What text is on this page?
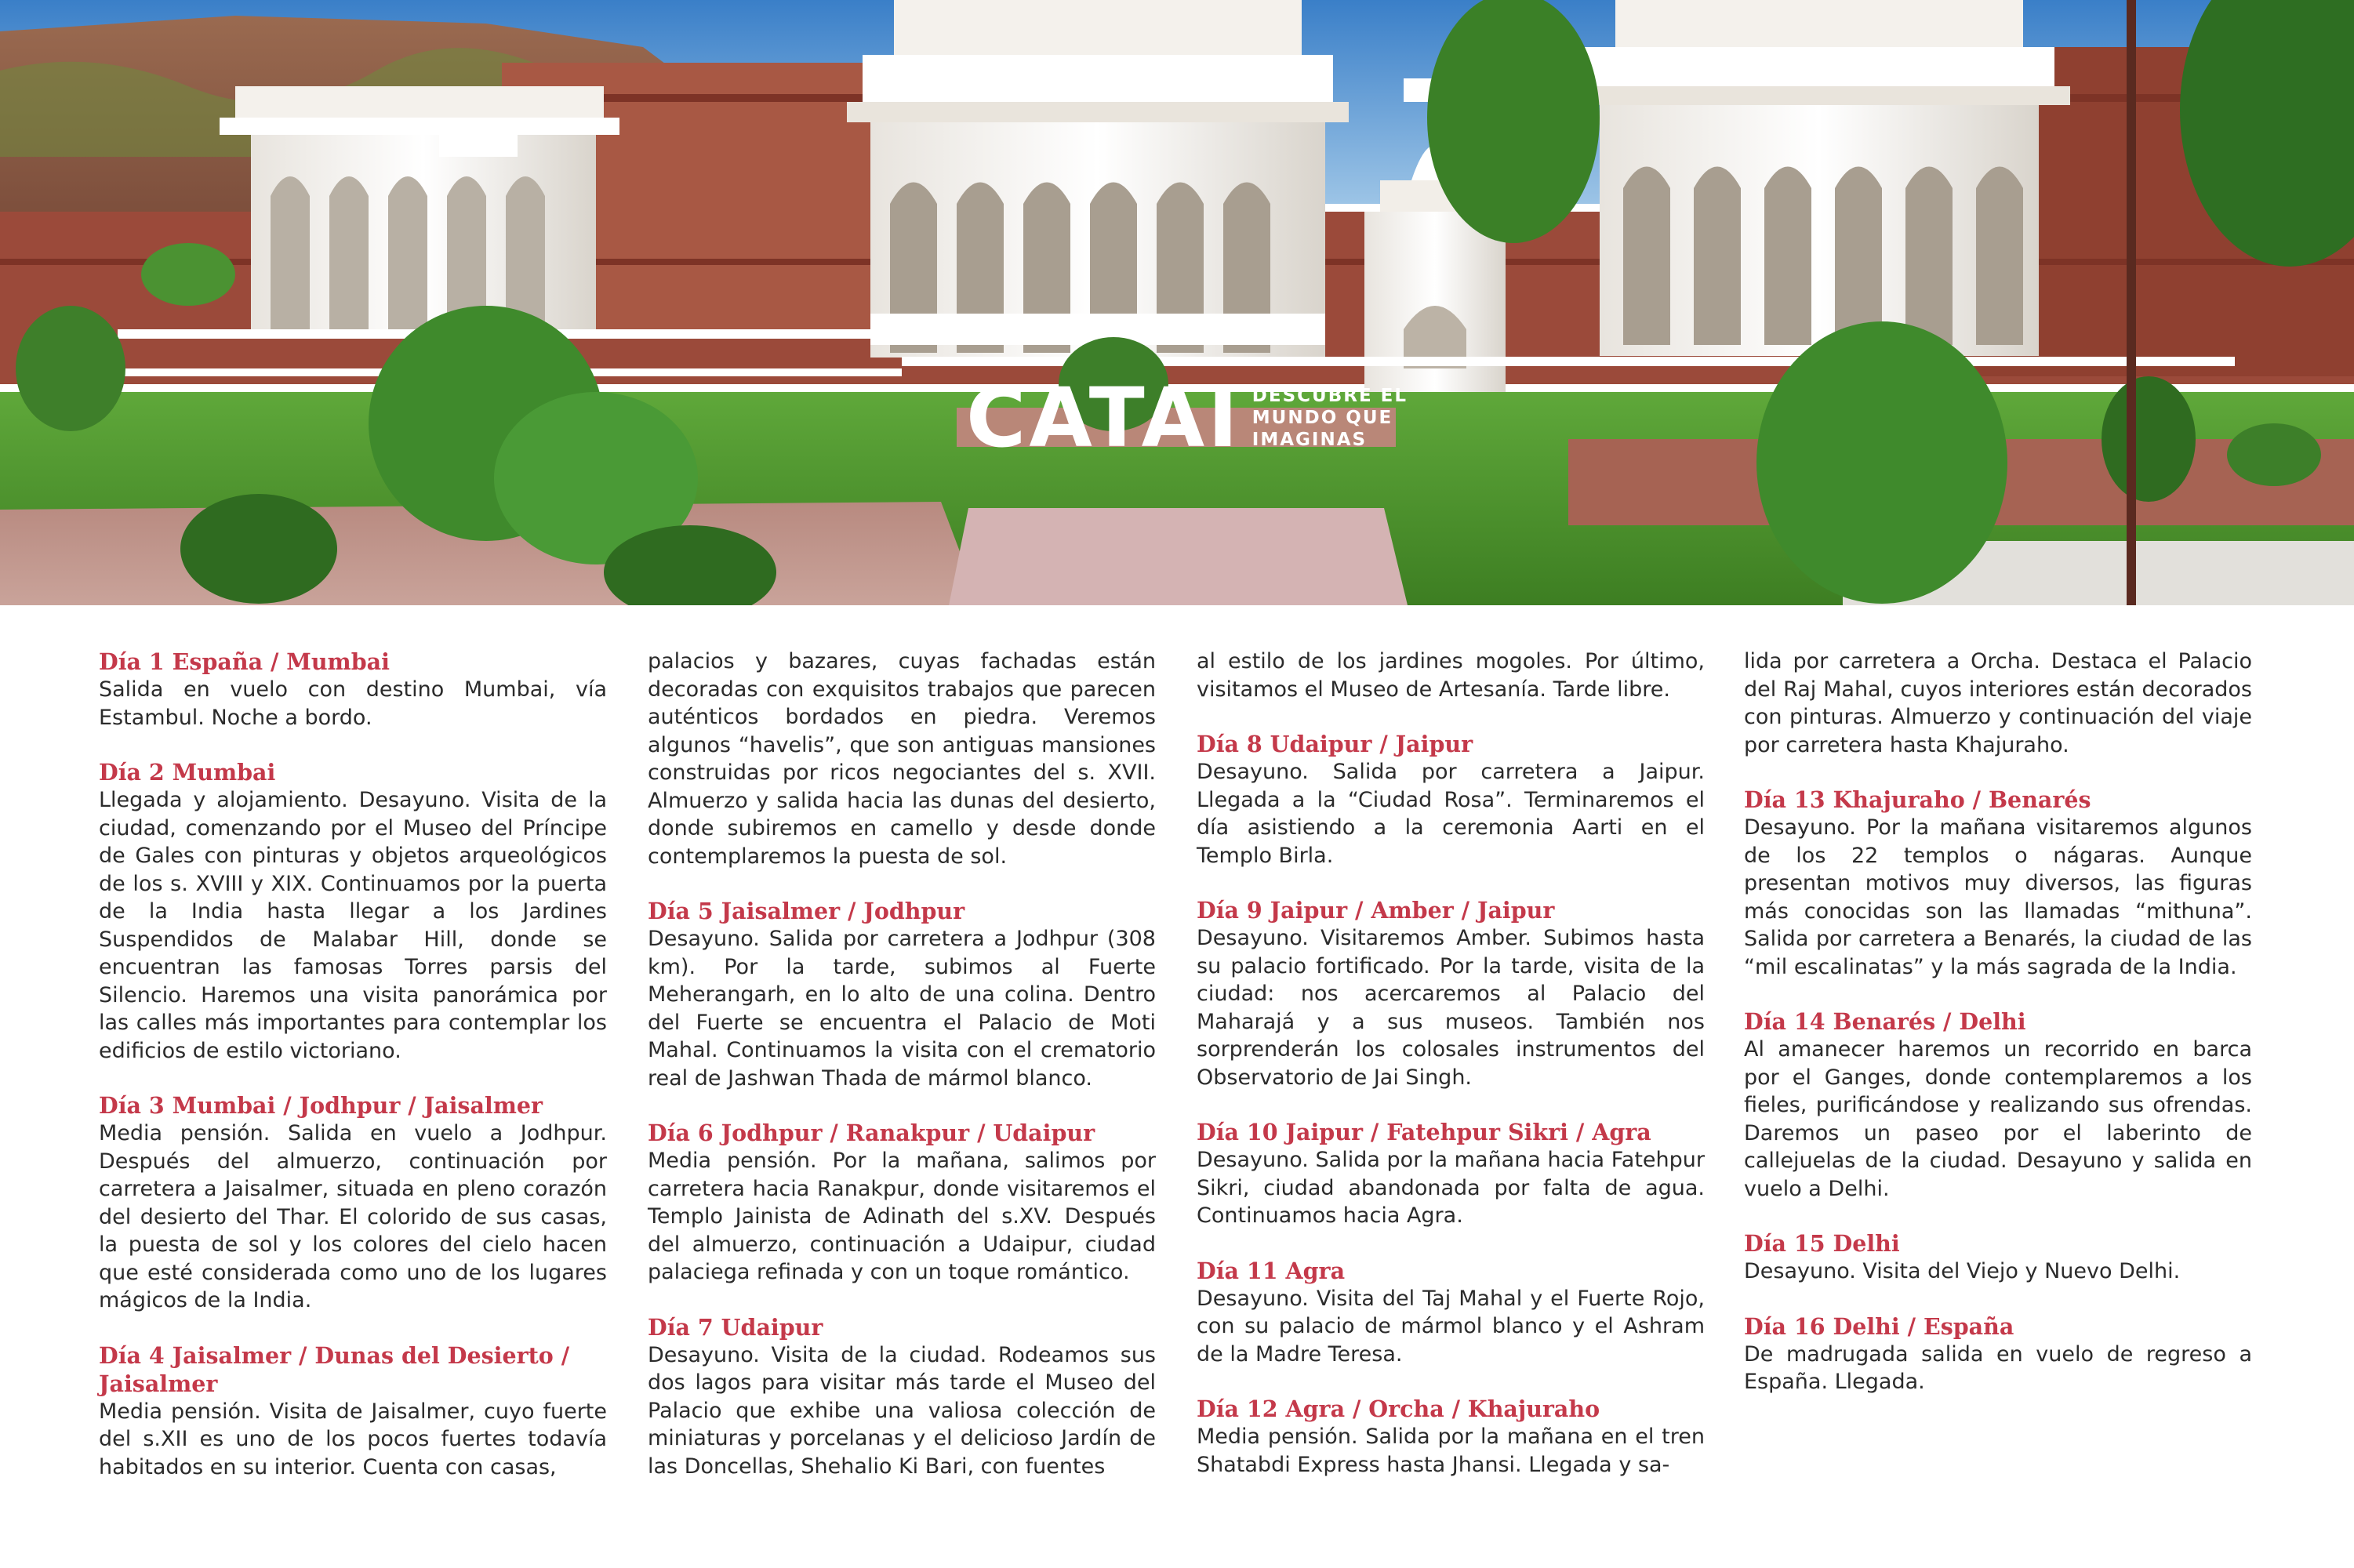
CATAI DESCUBRE EL
MUNDO QUE
IMAGINAS
Día 1 España / Mumbai
Salida en vuelo con destino Mumbai, vía Estambul. Noche a bordo.
Día 2 Mumbai
Llegada y alojamiento. Desayuno. Visita de la ciudad, comenzando por el Museo del Príncipe de Gales con pinturas y objetos arqueológicos de los s. XVIII y XIX. Continuamos por la puerta de la India hasta llegar a los Jardines Suspendidos de Malabar Hill, donde se encuentran las famosas Torres parsis del Silencio. Haremos una visita panorámica por las calles más importantes para contemplar los edificios de estilo victoriano.
Día 3 Mumbai / Jodhpur / Jaisalmer
Media pensión. Salida en vuelo a Jodhpur. Después del almuerzo, continuación por carretera a Jaisalmer, situada en pleno corazón del desierto del Thar. El colorido de sus casas, la puesta de sol y los colores del cielo hacen que esté considerada como uno de los lugares mágicos de la India.
Día 4 Jaisalmer / Dunas del Desierto / Jaisalmer
Media pensión. Visita de Jaisalmer, cuyo fuerte del s.XII es uno de los pocos fuertes todavía habitados en su interior. Cuenta con casas,
palacios y bazares, cuyas fachadas están decoradas con exquisitos trabajos que parecen auténticos bordados en piedra. Veremos algunos “havelis”, que son antiguas mansiones construidas por ricos negociantes del s. XVII. Almuerzo y salida hacia las dunas del desierto, donde subiremos en camello y desde donde contemplaremos la puesta de sol.
Día 5 Jaisalmer / Jodhpur
Desayuno. Salida por carretera a Jodhpur (308 km). Por la tarde, subimos al Fuerte Meherangarh, en lo alto de una colina. Dentro del Fuerte se encuentra el Palacio de Moti Mahal. Continuamos la visita con el crematorio real de Jashwan Thada de mármol blanco.
Día 6 Jodhpur / Ranakpur / Udaipur
Media pensión. Por la mañana, salimos por carretera hacia Ranakpur, donde visitaremos el Templo Jainista de Adinath del s.XV. Después del almuerzo, continuación a Udaipur, ciudad palaciega refinada y con un toque romántico.
Día 7 Udaipur
Desayuno. Visita de la ciudad. Rodeamos sus dos lagos para visitar más tarde el Museo del Palacio que exhibe una valiosa colección de miniaturas y porcelanas y el delicioso Jardín de las Doncellas, Shehalio Ki Bari, con fuentes
al estilo de los jardines mogoles. Por último, visitamos el Museo de Artesanía. Tarde libre.
Día 8 Udaipur / Jaipur
Desayuno. Salida por carretera a Jaipur. Llegada a la “Ciudad Rosa”. Terminaremos el día asistiendo a la ceremonia Aarti en el Templo Birla.
Día 9 Jaipur / Amber / Jaipur
Desayuno. Visitaremos Amber. Subimos hasta su palacio fortificado. Por la tarde, visita de la ciudad: nos acercaremos al Palacio del Maharajá y a sus museos. También nos sorprenderán los colosales instrumentos del Observatorio de Jai Singh.
Día 10 Jaipur / Fatehpur Sikri / Agra
Desayuno. Salida por la mañana hacia Fatehpur Sikri, ciudad abandonada por falta de agua. Continuamos hacia Agra.
Día 11 Agra
Desayuno. Visita del Taj Mahal y el Fuerte Rojo, con su palacio de mármol blanco y el Ashram de la Madre Teresa.
Día 12 Agra / Orcha / Khajuraho
Media pensión. Salida por la mañana en el tren Shatabdi Express hasta Jhansi. Llegada y sa-
lida por carretera a Orcha. Destaca el Palacio del Raj Mahal, cuyos interiores están decorados con pinturas. Almuerzo y continuación del viaje por carretera hasta Khajuraho.
Día 13 Khajuraho / Benarés
Desayuno. Por la mañana visitaremos algunos de los 22 templos o nágaras. Aunque presentan motivos muy diversos, las figuras más conocidas son las llamadas “mithuna”. Salida por carretera a Benarés, la ciudad de las “mil escalinatas” y la más sagrada de la India.
Día 14 Benarés / Delhi
Al amanecer haremos un recorrido en barca por el Ganges, donde contemplaremos a los fieles, purificándose y realizando sus ofrendas. Daremos un paseo por el laberinto de callejuelas de la ciudad. Desayuno y salida en vuelo a Delhi.
Día 15 Delhi
Desayuno. Visita del Viejo y Nuevo Delhi.
Día 16 Delhi / España
De madrugada salida en vuelo de regreso a España. Llegada.
